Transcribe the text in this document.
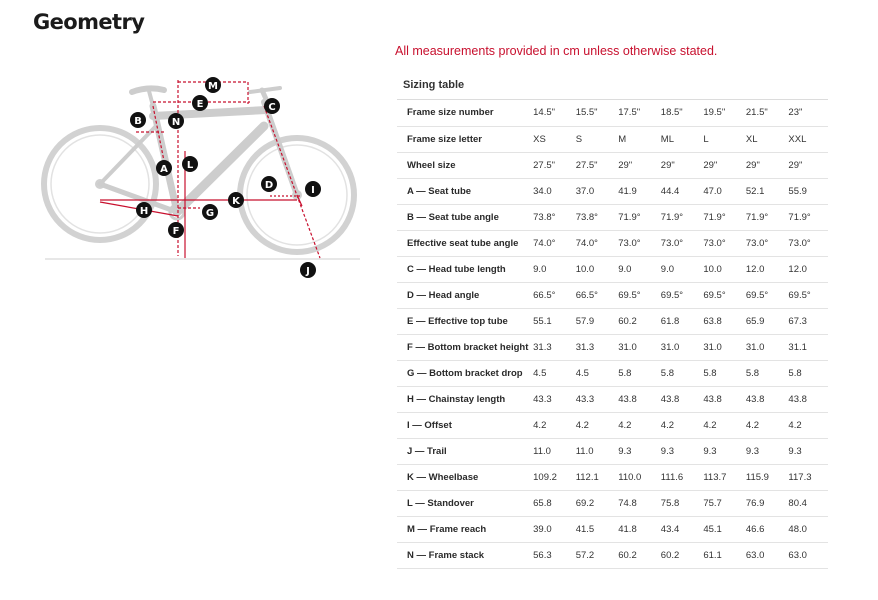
Geometry
M
E	C
B	N
L
A
D	I
K
H	G
F
J
All measurements provided in cm unless otherwise stated.
Sizing table
Frame size number	14.5"	15.5"	17.5"	18.5"	19.5"	21.5"	23"
Frame size letter	XS	S	M	ML	L	XL	XXL
Wheel size	27.5"	27.5"	29"	29"	29"	29"	29"
A — Seat tube	34.0	37.0	41.9	44.4	47.0	52.1	55.9
B — Seat tube angle	73.8°	73.8°	71.9°	71.9°	71.9°	71.9°	71.9°
Effective seat tube angle	74.0°	74.0°	73.0°	73.0°	73.0°	73.0°	73.0°
C — Head tube length	9.0	10.0	9.0	9.0	10.0	12.0	12.0
D — Head angle	66.5°	66.5°	69.5°	69.5°	69.5°	69.5°	69.5°
E — Effective top tube	55.1	57.9	60.2	61.8	63.8	65.9	67.3
F — Bottom bracket height	31.3	31.3	31.0	31.0	31.0	31.0	31.1
G — Bottom bracket drop	4.5	4.5	5.8	5.8	5.8	5.8	5.8
H — Chainstay length	43.3	43.3	43.8	43.8	43.8	43.8	43.8
I — Offset	4.2	4.2	4.2	4.2	4.2	4.2	4.2
J — Trail	11.0	11.0	9.3	9.3	9.3	9.3	9.3
K — Wheelbase	109.2	112.1	110.0	111.6	113.7	115.9	117.3
L — Standover	65.8	69.2	74.8	75.8	75.7	76.9	80.4
M — Frame reach	39.0	41.5	41.8	43.4	45.1	46.6	48.0
N — Frame stack	56.3	57.2	60.2	60.2	61.1	63.0	63.0
